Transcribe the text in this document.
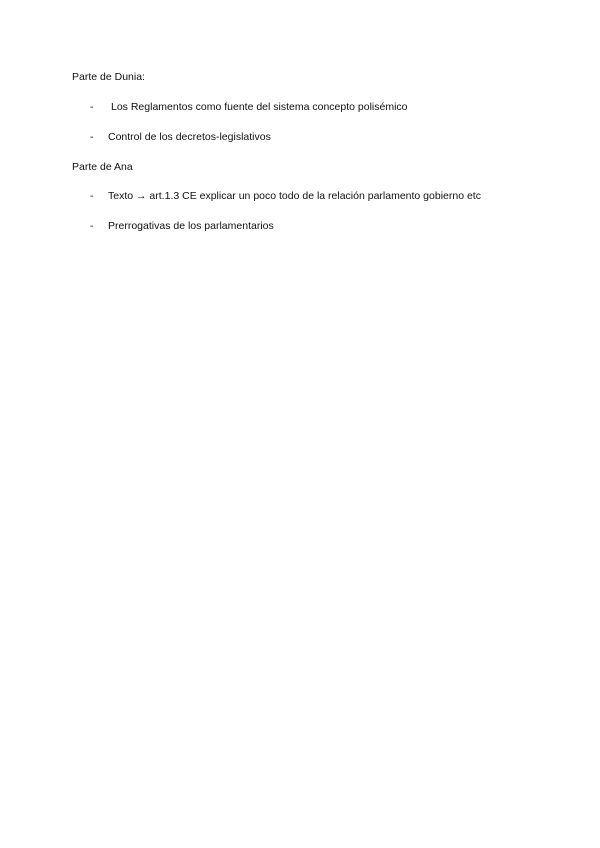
Parte de Dunia:

- Los Reglamentos como fuente del sistema concepto polisémico
- Control de los decretos-legislativos

Parte de Ana

- Texto → art.1.3 CE explicar un poco todo de la relación parlamento gobierno etc
- Prerrogativas de los parlamentarios
